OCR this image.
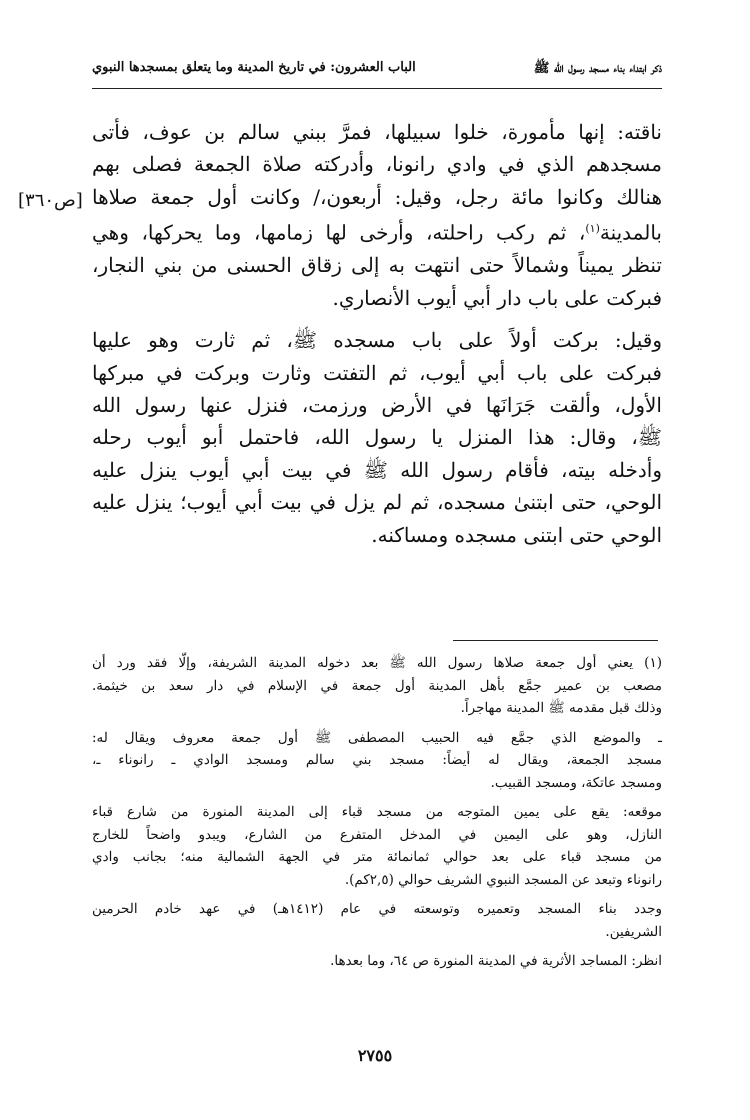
ذكر ابتداء بناء مسجد رسول الله ﷺ
الباب العشرون: في تاريخ المدينة وما يتعلق بمسجدها النبوي
[ص٣٦٠]

ناقته: إنها مأمورة، خلوا سبيلها، فمرَّ ببني سالم بن عوف، فأتى
مسجدهم الذي في وادي رانونا، وأدركته صلاة الجمعة فصلى بهم
هنالك وكانوا مائة رجل، وقيل: أربعون،/ وكانت أول جمعة صلاها
بالمدينة$^{(١)}$، ثم ركب راحلته، وأرخى لها زمامها، وما يحركها، وهي
تنظر يميناً وشمالاً حتى انتهت به إلى زقاق الحسنى من بني النجار،
فبركت على باب دار أبي أيوب الأنصاري.

وقيل: بركت أولاً على باب مسجده ﷺ، ثم ثارت وهو عليها
فبركت على باب أبي أيوب، ثم التفتت وثارت وبركت في مبركها
الأول، وألقت جَرَانَها في الأرض ورزمت، فنزل عنها رسول الله
ﷺ، وقال: هذا المنزل يا رسول الله، فاحتمل أبو أيوب رحله
وأدخله بيته، فأقام رسول الله ﷺ في بيت أبي أيوب ينزل عليه
الوحي، حتى ابتنىٰ مسجده، ثم لم يزل في بيت أبي أيوب؛ ينزل عليه
الوحي حتى ابتنى مسجده ومساكنه.

(١) يعني أول جمعة صلاها رسول الله ﷺ بعد دخوله المدينة الشريفة، وإلّا فقد ورد أن
مصعب بن عمير جمَّع بأهل المدينة أول جمعة في الإسلام في دار سعد بن خيثمة.
وذلك قبل مقدمه ﷺ المدينة مهاجراً.
ـ والموضع الذي جمَّع فيه الحبيب المصطفى ﷺ أول جمعة معروف ويقال له:
مسجد الجمعة، ويقال له أيضاً: مسجد بني سالم ومسجد الوادي ـ رانوناء ـ،
ومسجد عاتكة، ومسجد القبيب.
موقعه: يقع على يمين المتوجه من مسجد قباء إلى المدينة المنورة من شارع قباء
النازل، وهو على اليمين في المدخل المتفرع من الشارع، ويبدو واضحاً للخارج
من مسجد قباء على بعد حوالي ثمانمائة متر في الجهة الشمالية منه؛ بجانب وادي
رانوناء وتبعد عن المسجد النبوي الشريف حوالي (٢,٥كم).
وجدد بناء المسجد وتعميره وتوسعته في عام (١٤١٢هـ) في عهد خادم الحرمين
الشريفين.
انظر: المساجد الأثرية في المدينة المنورة ص ٦٤، وما بعدها.
٢٧٥٥
